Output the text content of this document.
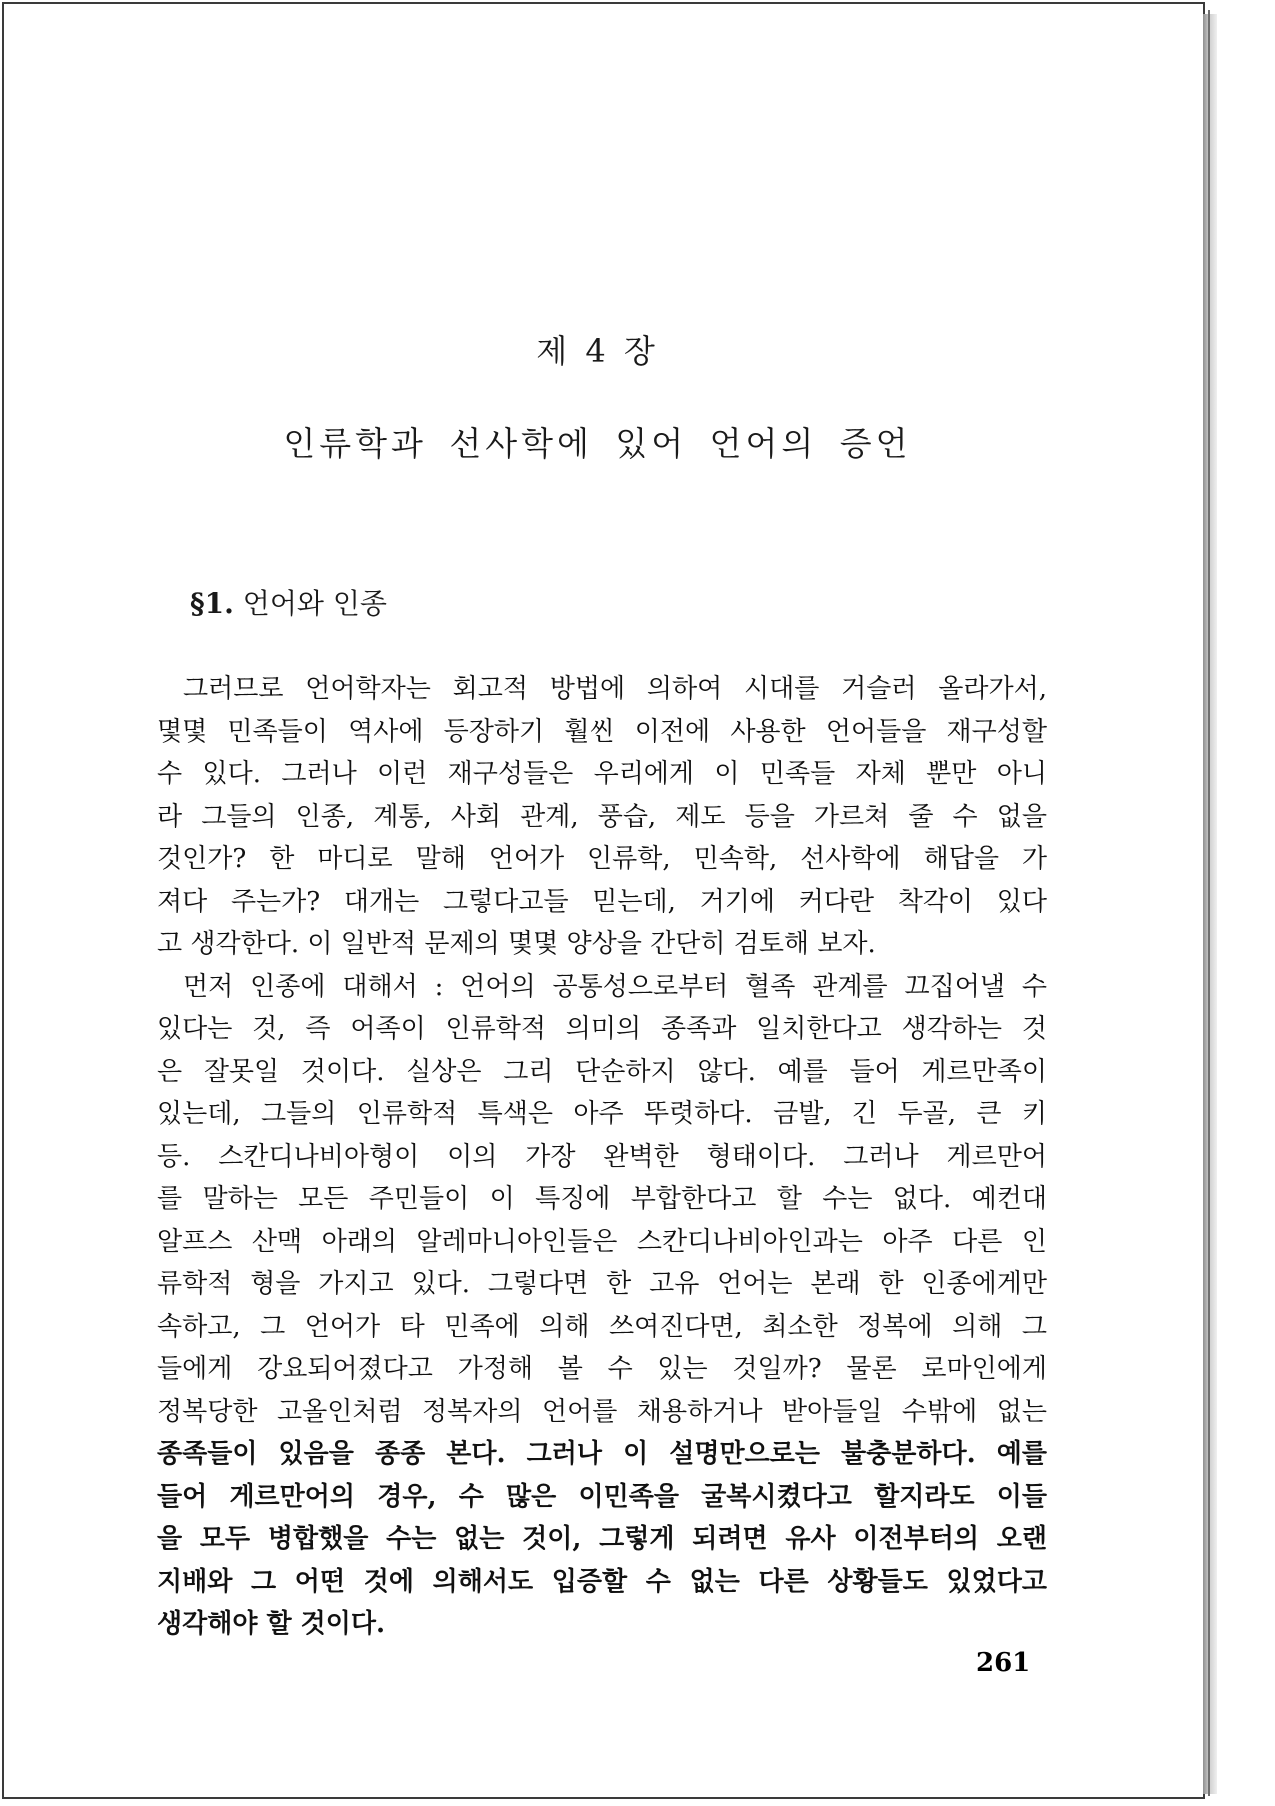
제 4 장
인류학과 선사학에 있어 언어의 증언
§1. 언어와 인종
그러므로 언어학자는 회고적 방법에 의하여 시대를 거슬러 올라가서,
몇몇 민족들이 역사에 등장하기 훨씬 이전에 사용한 언어들을 재구성할
수 있다. 그러나 이런 재구성들은 우리에게 이 민족들 자체 뿐만 아니
라 그들의 인종, 계통, 사회 관계, 풍습, 제도 등을 가르쳐 줄 수 없을
것인가? 한 마디로 말해 언어가 인류학, 민속학, 선사학에 해답을 가
져다 주는가? 대개는 그렇다고들 믿는데, 거기에 커다란 착각이 있다
고 생각한다. 이 일반적 문제의 몇몇 양상을 간단히 검토해 보자.
먼저 인종에 대해서 : 언어의 공통성으로부터 혈족 관계를 끄집어낼 수
있다는 것, 즉 어족이 인류학적 의미의 종족과 일치한다고 생각하는 것
은 잘못일 것이다. 실상은 그리 단순하지 않다. 예를 들어 게르만족이
있는데, 그들의 인류학적 특색은 아주 뚜렷하다. 금발, 긴 두골, 큰 키
등. 스칸디나비아형이 이의 가장 완벽한 형태이다. 그러나 게르만어
를 말하는 모든 주민들이 이 특징에 부합한다고 할 수는 없다. 예컨대
알프스 산맥 아래의 알레마니아인들은 스칸디나비아인과는 아주 다른 인
류학적 형을 가지고 있다. 그렇다면 한 고유 언어는 본래 한 인종에게만
속하고, 그 언어가 타 민족에 의해 쓰여진다면, 최소한 정복에 의해 그
들에게 강요되어졌다고 가정해 볼 수 있는 것일까? 물론 로마인에게
정복당한 고올인처럼 정복자의 언어를 채용하거나 받아들일 수밖에 없는
종족들이 있음을 종종 본다. 그러나 이 설명만으로는 불충분하다. 예를
들어 게르만어의 경우, 수 많은 이민족을 굴복시켰다고 할지라도 이들
을 모두 병합했을 수는 없는 것이, 그렇게 되려면 유사 이전부터의 오랜
지배와 그 어떤 것에 의해서도 입증할 수 없는 다른 상황들도 있었다고
생각해야 할 것이다.
261
